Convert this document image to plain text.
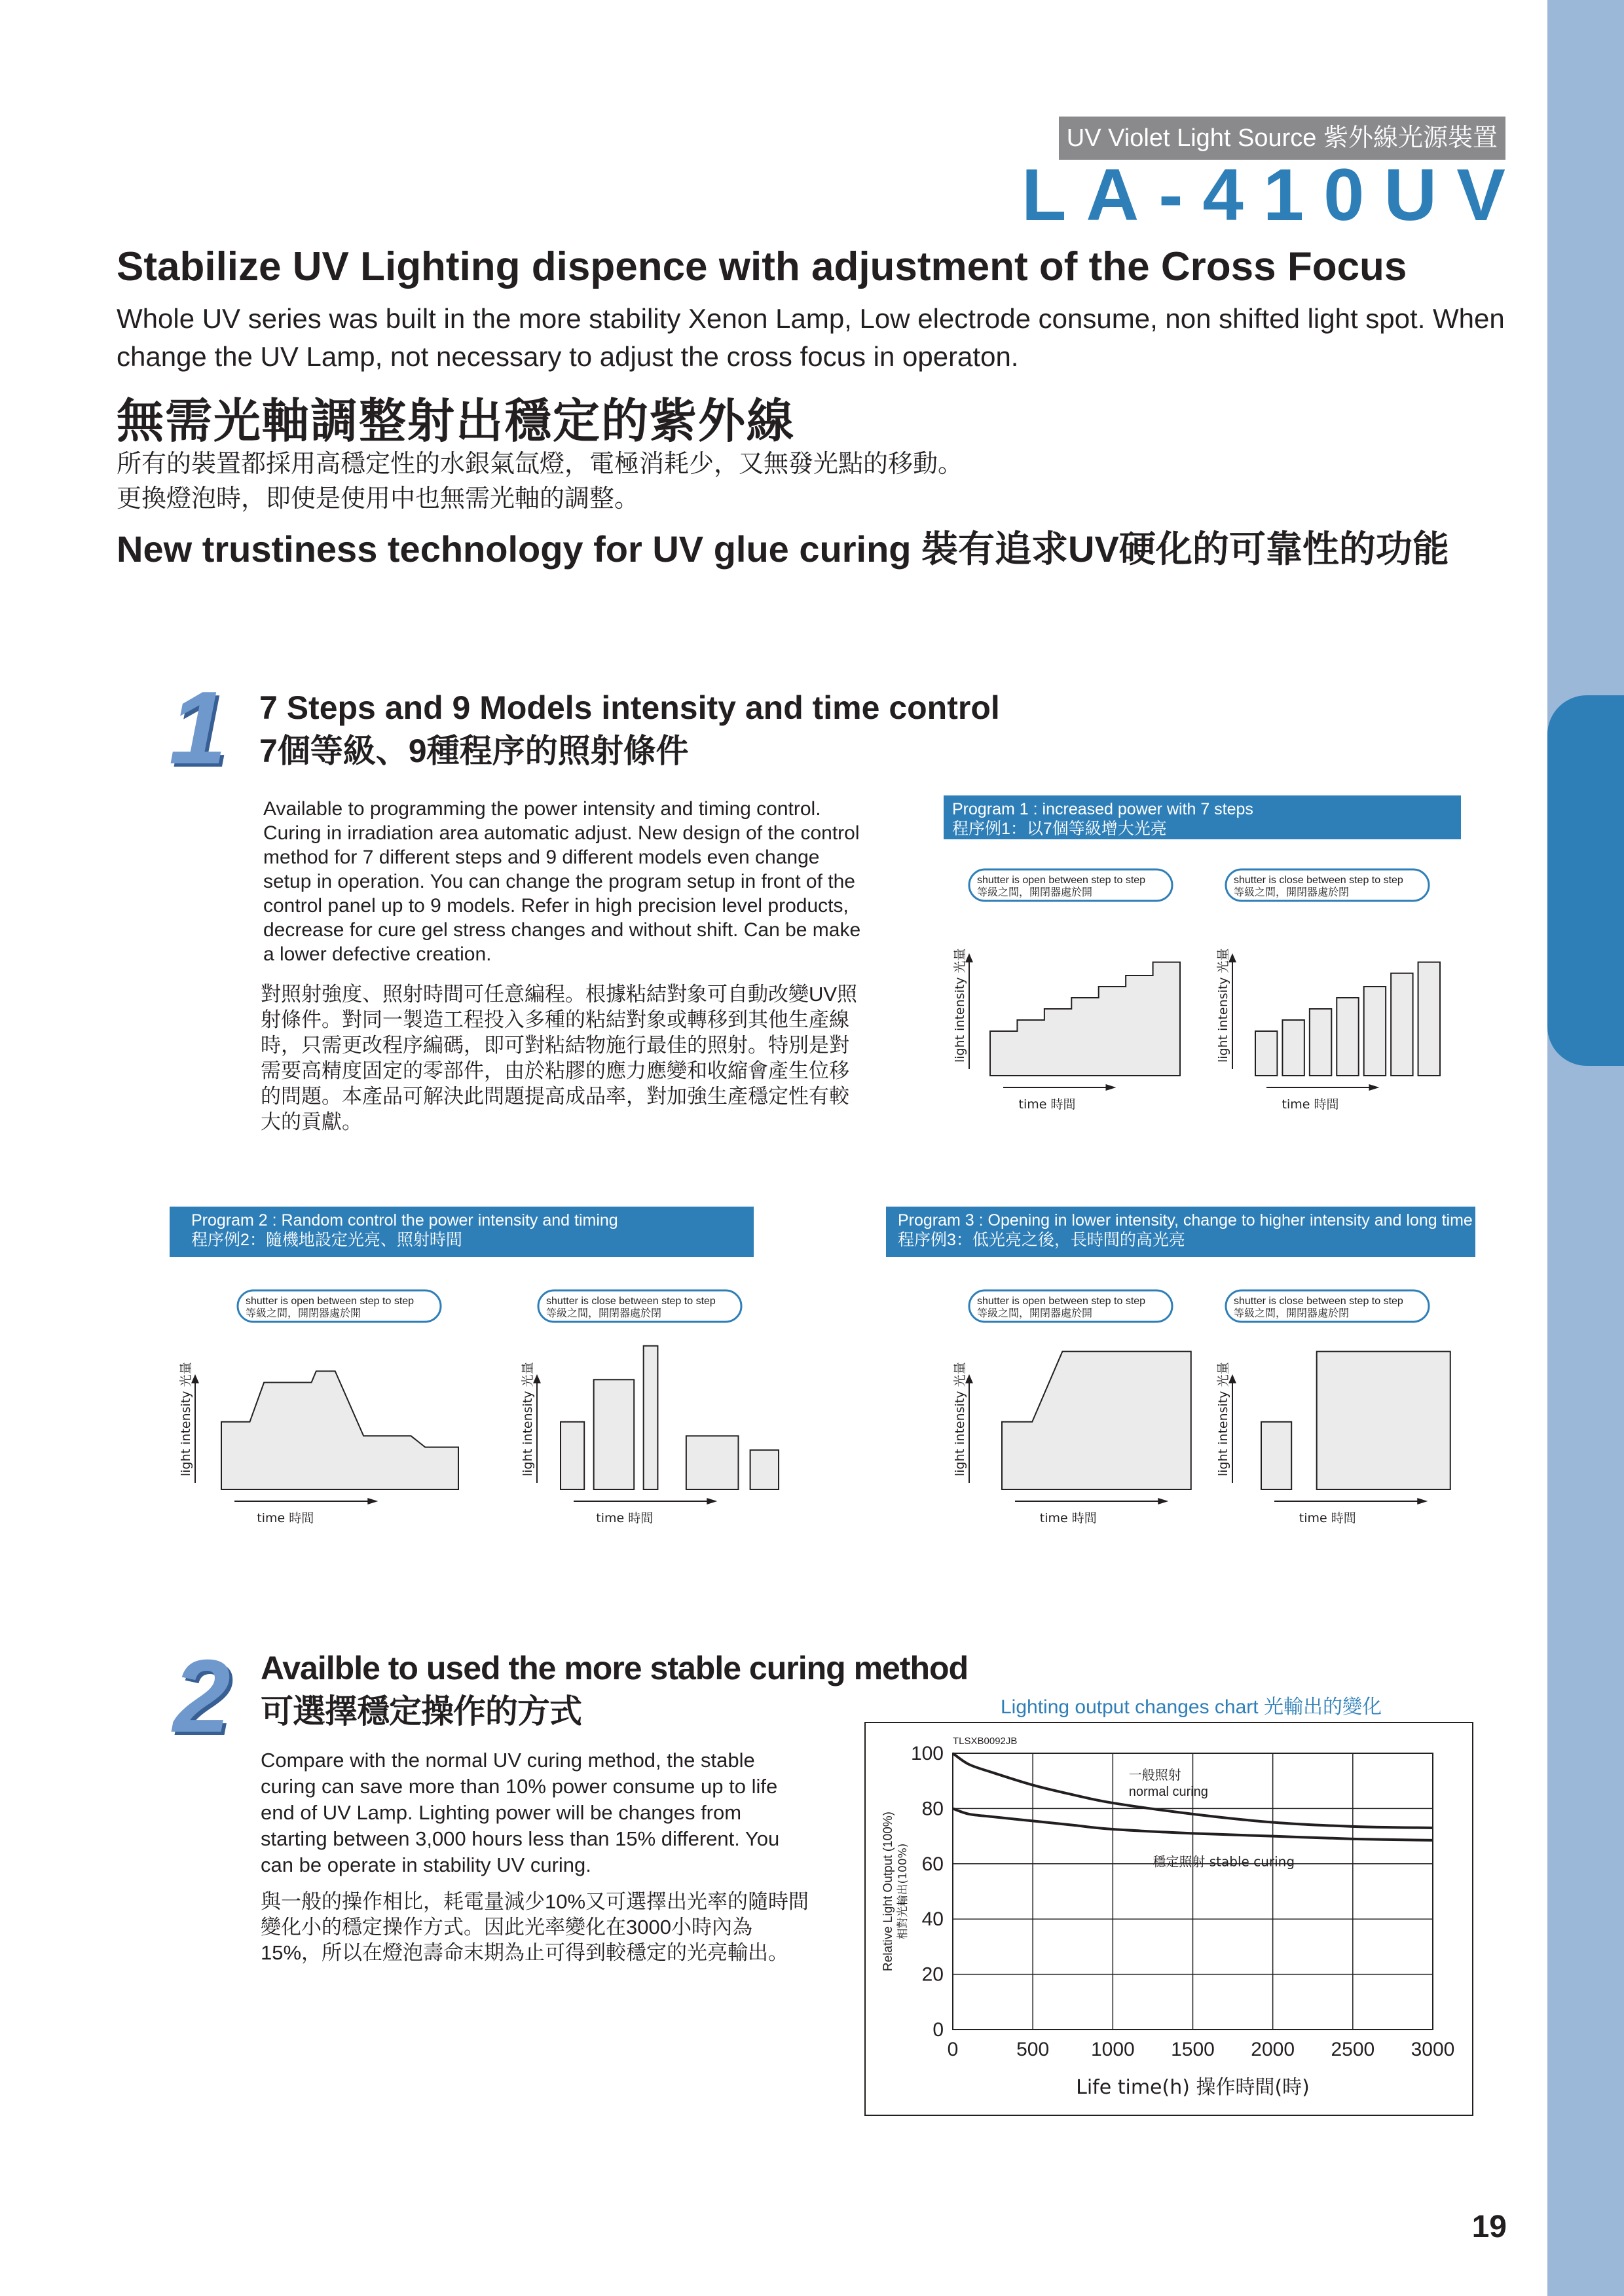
UV Violet Light Source 紫外線光源裝置
LA-410UV
Stabilize UV Lighting dispence with adjustment of the Cross Focus
Whole UV series was built in the more stability Xenon Lamp, Low electrode consume, non shifted light spot. When change the UV Lamp, not necessary to adjust the cross focus in operaton.
無需光軸調整射出穩定的紫外線
所有的裝置都採用高穩定性的水銀氣氙燈，電極消耗少，又無發光點的移動。
更換燈泡時，即使是使用中也無需光軸的調整。
New trustiness technology for UV glue curing 裝有追求UV硬化的可靠性的功能
1 7 Steps and 9 Models intensity and time control
7個等級、9種程序的照射條件
Available to programming the power intensity and timing control. Curing in irradiation area automatic adjust. New design of the control method for 7 different steps and 9 different models even change setup in operation. You can change the program setup in front of the control panel up to 9 models. Refer in high precision level products, decrease for cure gel stress changes and without shift. Can be make a lower defective creation.
對照射強度、照射時間可任意編程。根據粘結對象可自動改變UV照射條件。對同一製造工程投入多種的粘結對象或轉移到其他生產線時，只需更改程序編碼，即可對粘結物施行最佳的照射。特別是對需要高精度固定的零部件，由於粘膠的應力應變和收縮會產生位移的問題。本產品可解決此問題提高成品率，對加強生產穩定性有較大的貢獻。
Program 1 : increased power with 7 steps
程序例1：以7個等級增大光亮
Program 2 : Random control the power intensity and timing
程序例2：隨機地設定光亮、照射時間
Program 3 : Opening in lower intensity, change to higher intensity and long time
程序例3：低光亮之後，長時間的高光亮
shutter is open between step to step
等級之間，開閉器處於開
light intensity 光量
time 時間
shutter is close between step to step
等級之間，開閉器處於閉
light intensity 光量
time 時間
shutter is open between step to step
等級之間，開閉器處於開
light intensity 光量
time 時間
shutter is close between step to step
等級之間，開閉器處於閉
light intensity 光量
time 時間
shutter is open between step to step
等級之間，開閉器處於開
light intensity 光量
time 時間
shutter is close between step to step
等級之間，開閉器處於閉
light intensity 光量
time 時間
2 Availble to used the more stable curing method
可選擇穩定操作的方式
Compare with the normal UV curing method, the stable curing can save more than 10% power consume up to life end of UV Lamp. Lighting power will be changes from starting between 3,000 hours less than 15% different. You can be operate in stability UV curing.
與一般的操作相比，耗電量減少10%又可選擇出光率的隨時間變化小的穩定操作方式。因此光率變化在3000小時內為15%，所以在燈泡壽命末期為止可得到較穩定的光亮輸出。
Lighting output changes chart 光輸出的變化
0	500 1000 1500 2000 2500 3000
0
20
40
60
80
100
Life time(h) 操作時間(時)
Relative Light Output (100%) 相對光輸出(100%)
TLSXB0092JB
一般照射
normal curing
穩定照射 stable curing
19
